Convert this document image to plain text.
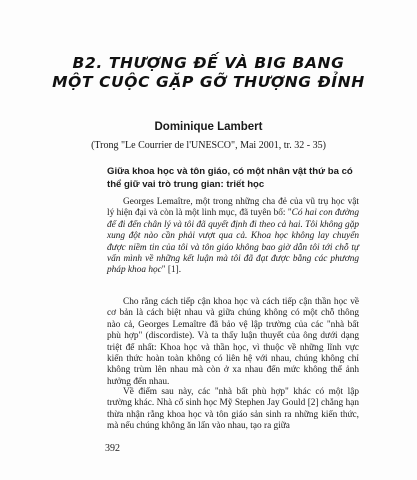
B2. THƯỢNG ĐẾ VÀ BIG BANG
MỘT CUỘC GẶP GỠ THƯỢNG ĐỈNH
Dominique Lambert
(Trong "Le Courrier de l'UNESCO", Mai 2001, tr. 32 - 35)
Giữa khoa học và tôn giáo, có một nhân vật thứ ba có thể giữ vai trò trung gian: triết học

Georges Lemaître, một trong những cha đẻ của vũ trụ học vật lý hiện đại và còn là một linh mục, đã tuyên bố: "Có hai con đường để đi đến chân lý và tôi đã quyết định đi theo cả hai. Tôi không gặp xung đột nào cần phải vượt qua cả. Khoa học không lay chuyển được niềm tin của tôi và tôn giáo không bao giờ dẫn tôi tới chỗ tự vấn mình về những kết luận mà tôi đã đạt được bằng các phương pháp khoa học" [1].

Cho rằng cách tiếp cận khoa học và cách tiếp cận thần học về cơ bản là cách biệt nhau và giữa chúng không có một chỗ thông nào cả, Georges Lemaître đã bảo vệ lập trường của các "nhà bất phù hợp" (discordiste). Và ta thấy luận thuyết của ông dưới dạng triệt để nhất: Khoa học và thần học, vì thuộc về những lĩnh vực kiến thức hoàn toàn không có liên hệ với nhau, chúng không chỉ không trùm lên nhau mà còn ở xa nhau đến mức không thể ảnh hưởng đến nhau.

Về điểm sau này, các "nhà bất phù hợp" khác có một lập trường khác. Nhà cổ sinh học Mỹ Stephen Jay Gould [2] chẳng hạn thừa nhận rằng khoa học và tôn giáo sản sinh ra những kiến thức, mà nếu chúng không ăn lấn vào nhau, tạo ra giữa

392
